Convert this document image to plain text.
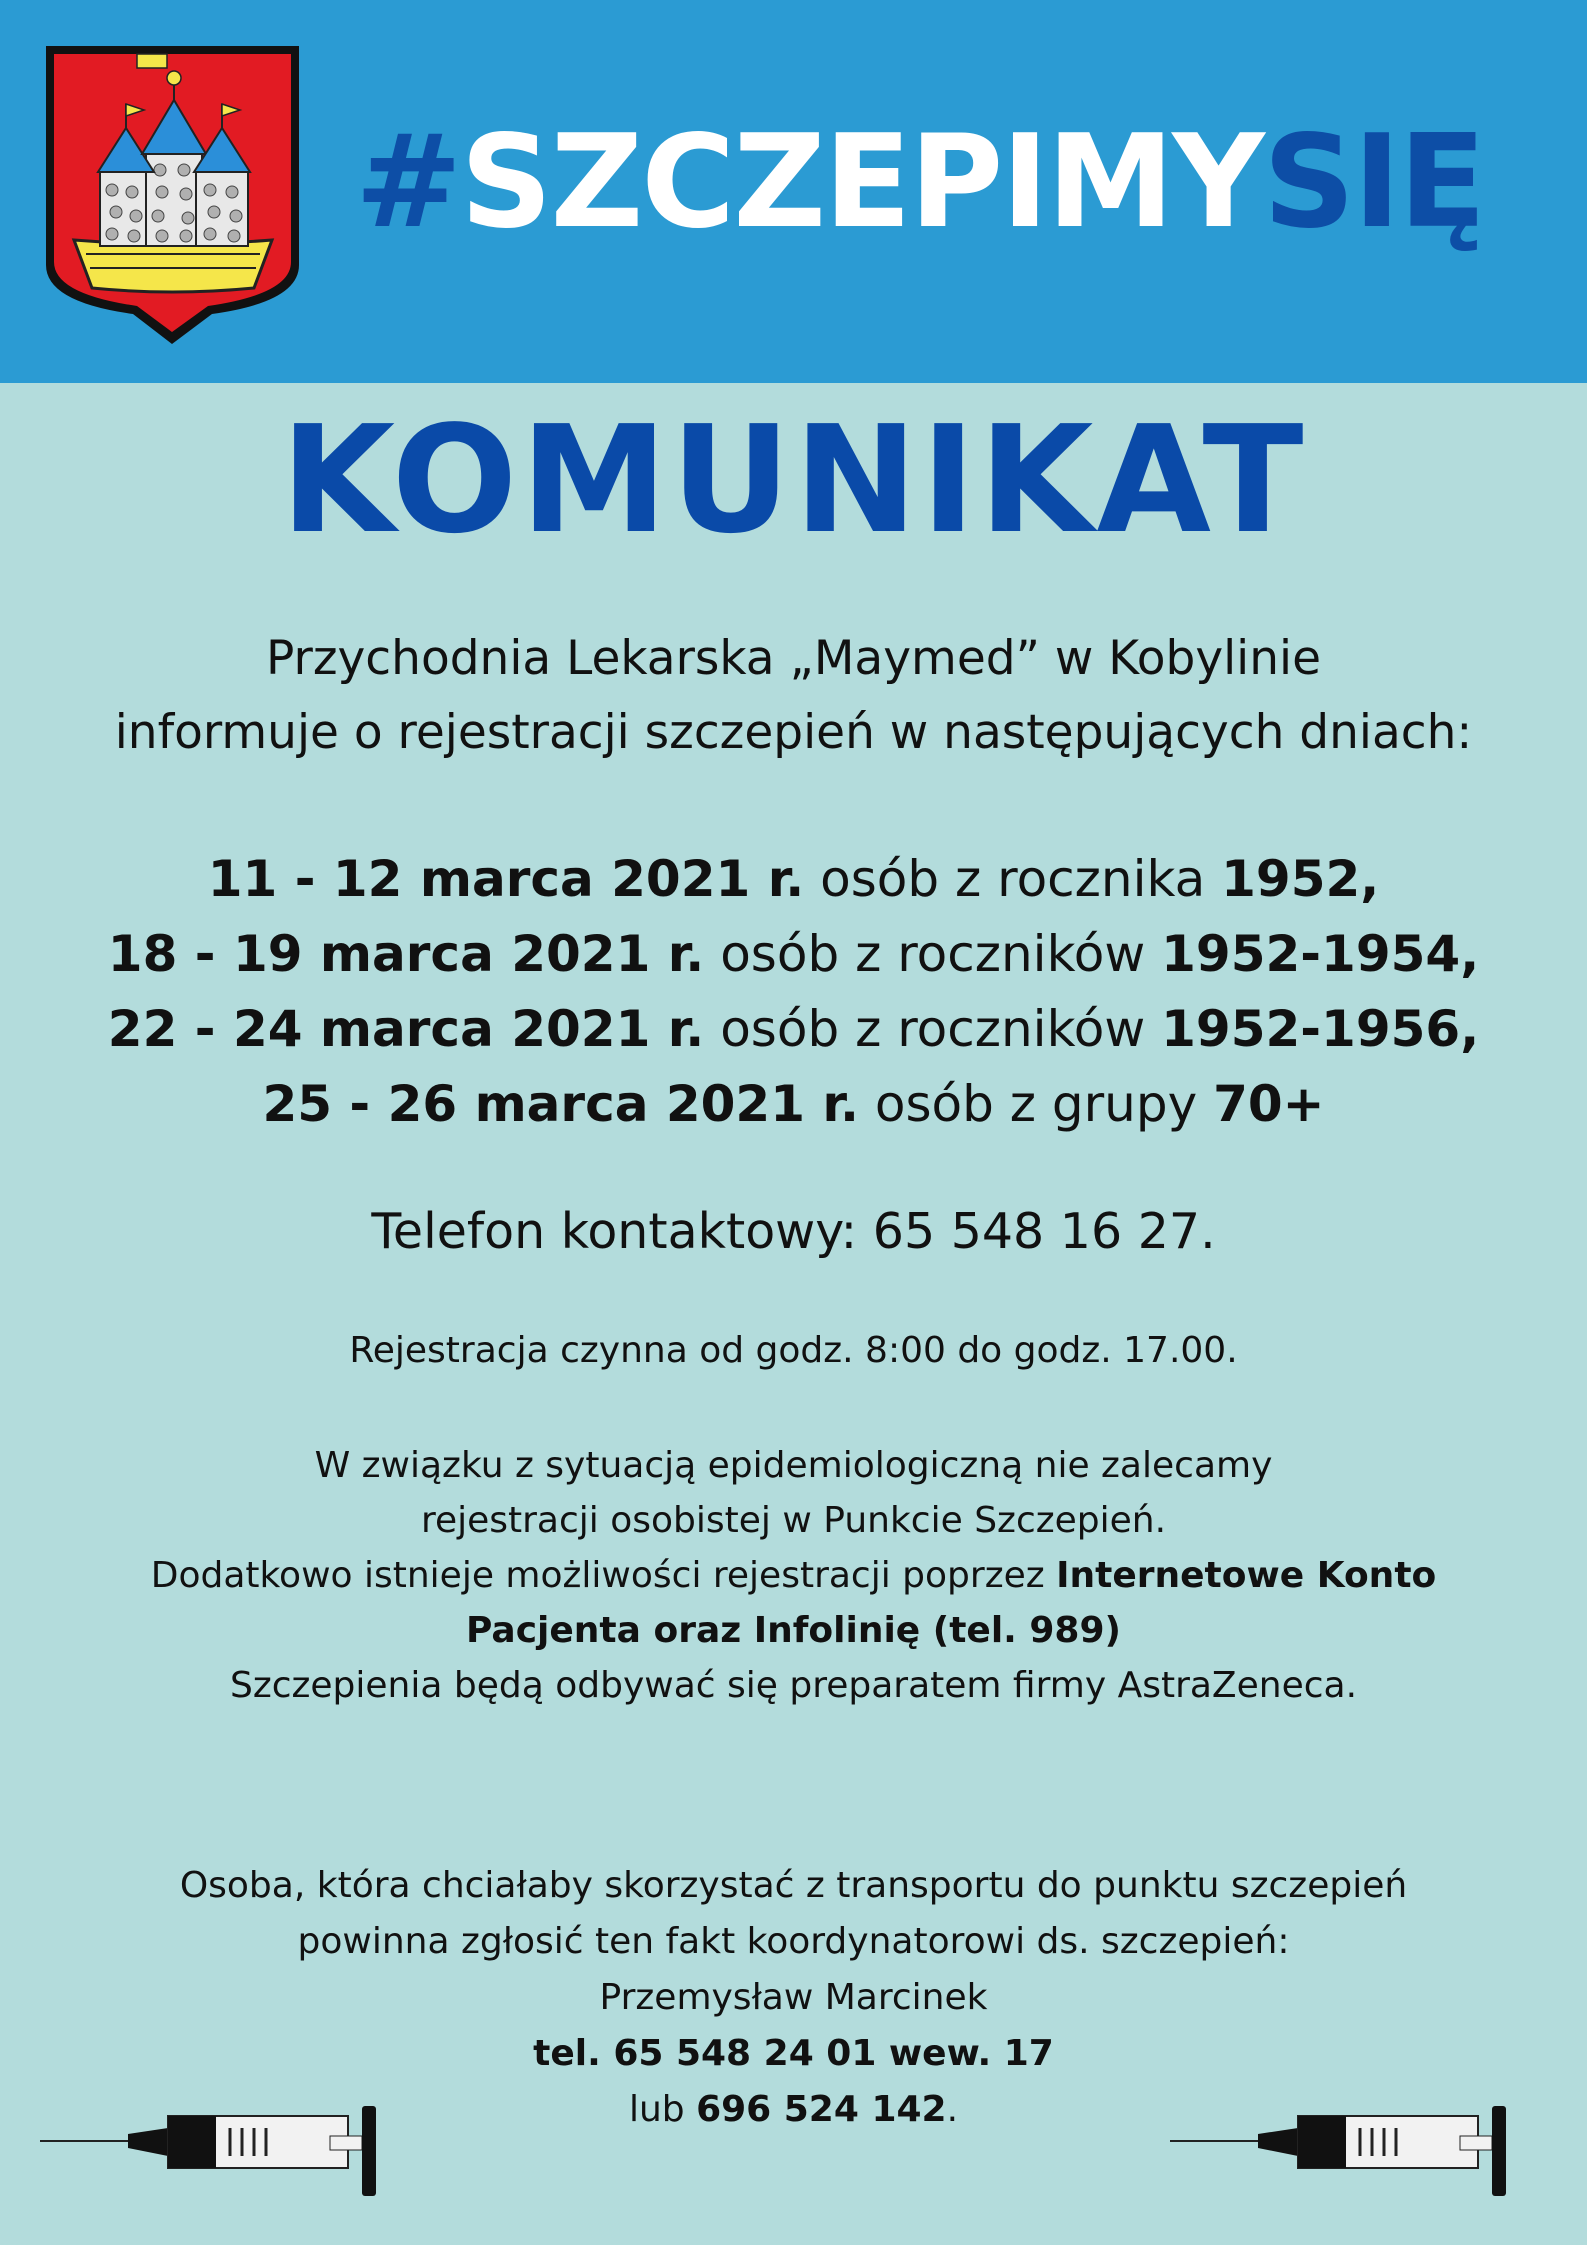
#SZCZEPIMYSIĘ
KOMUNIKAT
Przychodnia Lekarska „Maymed” w Kobylinie
informuje o rejestracji szczepień w następujących dniach:
11 - 12 marca 2021 r. osób z rocznika 1952,
18 - 19 marca 2021 r. osób z roczników 1952-1954,
22 - 24 marca 2021 r. osób z roczników 1952-1956,
25 - 26 marca 2021 r. osób z grupy 70+
Telefon kontaktowy: 65 548 16 27.
Rejestracja czynna od godz. 8:00 do godz. 17.00.
W związku z sytuacją epidemiologiczną nie zalecamy
rejestracji osobistej w Punkcie Szczepień.
Dodatkowo istnieje możliwości rejestracji poprzez Internetowe Konto
Pacjenta oraz Infolinię (tel. 989)
Szczepienia będą odbywać się preparatem firmy AstraZeneca.
Osoba, która chciałaby skorzystać z transportu do punktu szczepień
powinna zgłosić ten fakt koordynatorowi ds. szczepień:
Przemysław Marcinek
tel. 65 548 24 01 wew. 17
lub 696 524 142.
